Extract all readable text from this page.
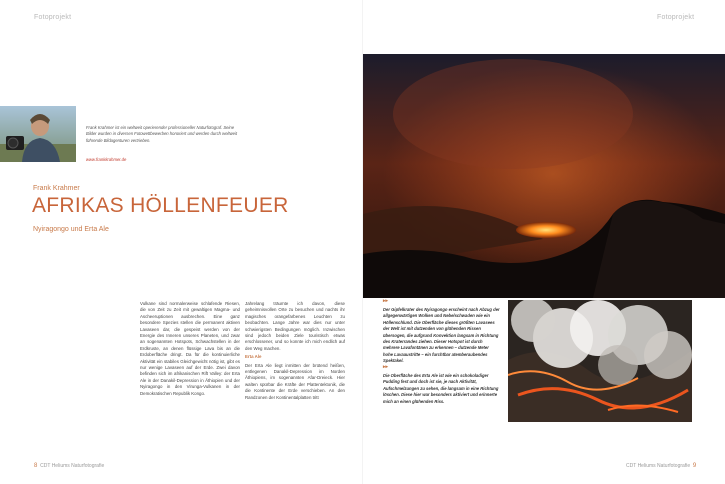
Fotoprojekt	Fotoprojekt
Frank Krahmer ist ein weltweit operierender professioneller Naturfotograf. Seine Bilder wurden in diversen Fotowettbewerben honoriert und werden durch weltweit führende Bildagenturen vertrieben.
www.frankkrahmer.de
Frank Krahmer
AFRIKAS HÖLLENFEUER
Nyiragongo und Erta Ale

Vulkane sind normalerweise schlafende Riesen, die von Zeit zu Zeit mit gewaltigen Magma- und Ascheeruptionen ausbrechen. Eine ganz besondere Spezies stellen die permanent aktiven Lavaseen dar, die gespeist werden von der Energie des Inneren unseres Planeten, und zwar an sogenannten Hotspots, Schwachstellen in der Erdkruste, an denen flüssige Lava bis an die Erdoberfläche dringt. Da für die kontinuierliche Aktivität ein stabiles Gleichgewicht nötig ist, gibt es nur wenige Lavaseen auf der Erde. Zwei davon befinden sich im afrikanischen Rift Valley: der Erta Ale in der Danakil-Depression in Äthiopien und der Nyiragongo in den Virunga-Vulkanen in der Demokratischen Republik Kongo.

Jahrelang träumte ich davon, diese geheimnisvollen Orte zu besuchen und nachts ihr magisches orangefarbenes Leuchten zu beobachten. Lange Jahre war dies nur unter schwierigsten Bedingungen möglich. Inzwischen sind jedoch beiden Ziele touristisch etwas erschlossener, und so konnte ich mich endlich auf den Weg machen.

Erta Ale

Der Erta Ale liegt inmitten der brütend heißen, entlegenen Danakil-Depression im Norden Äthiopiens, im sogenannten Afar-Dreieck. Hier walten spürbar die Kräfte der Plattentektonik, die die Kontinente der Erde verschieben. An den Randzonen der Kontinentalplatten tritt

▸▸
Der Gipfelkrater des Nyiragongo erscheint nach Abzug der allgegenwärtigen Wolken und Nebelschwaden wie ein Höllenschlund. Die Oberfläche dieses größten Lavasees der Welt ist mit dutzenden von glühenden Rissen übersogen, die aufgrund Konvektion langsam in Richtung des Kraterrandes ziehen. Dieser Hotspot ist durch mehrere Lavafontänen zu erkennen – dutzende Meter hohe Lavaaustritte – ein furchtbar atemberaubendes Spektakel.
▸▸
Die Oberfläche des Erta Ale ist wie ein schokoladiger Pudding fest und doch ist sie, je nach Aktivität, Aufschmelzungen zu sehen, die langsam in eine Richtung löschen. Diese hier war besonders aktiviert und erinnerte mich an einen glühenden Riss.
8 CDT Heliums Naturfotografie	CDT Heliums Naturfotografie 9
